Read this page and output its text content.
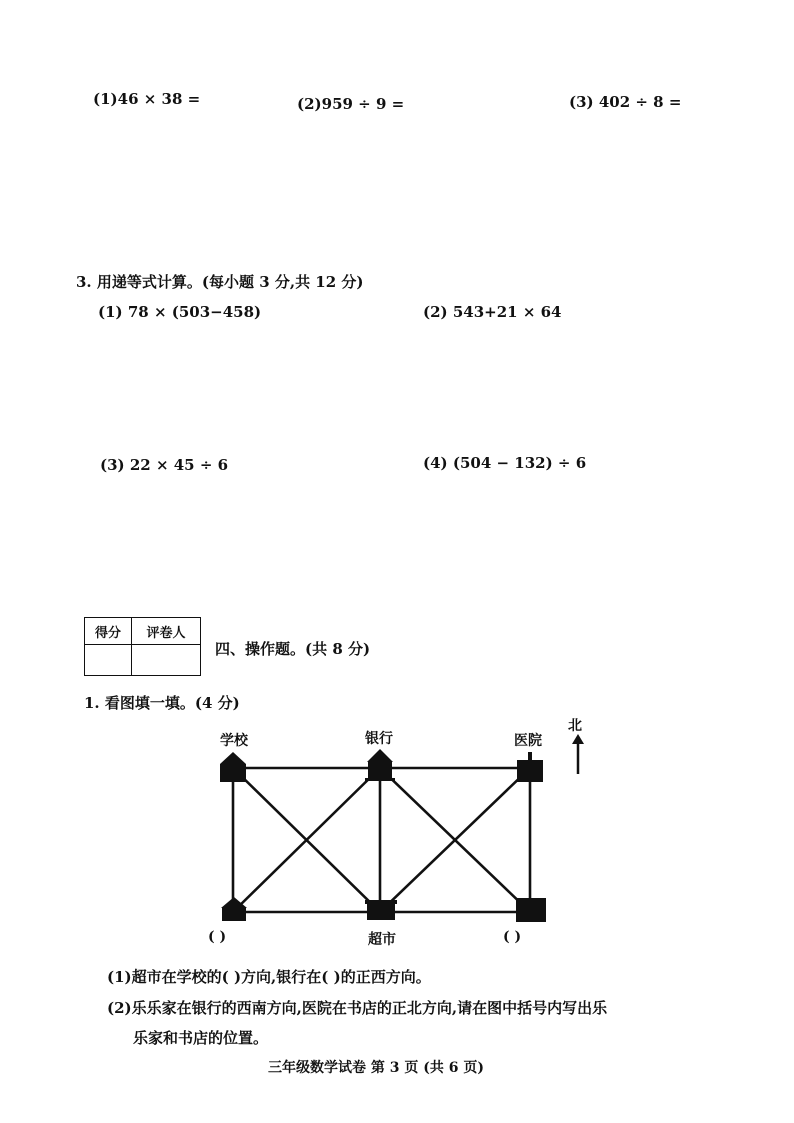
(1)46 × 38 =	(2)959 ÷ 9 =	(3) 402 ÷ 8 =
3. 用递等式计算。(每小题 3 分,共 12 分)
(1) 78 × (503−458)	(2) 543+21 × 64
(3) 22 × 45 ÷ 6	(4) (504 − 132) ÷ 6
得分	评卷人

四、操作题。(共 8 分)
1. 看图填一填。(4 分)
学校	银行	医院
北
超市
( )	( )
(1)超市在学校的( )方向,银行在( )的正西方向。
(2)乐乐家在银行的西南方向,医院在书店的正北方向,请在图中括号内写出乐
乐家和书店的位置。
三年级数学试卷 第 3 页 (共 6 页)
